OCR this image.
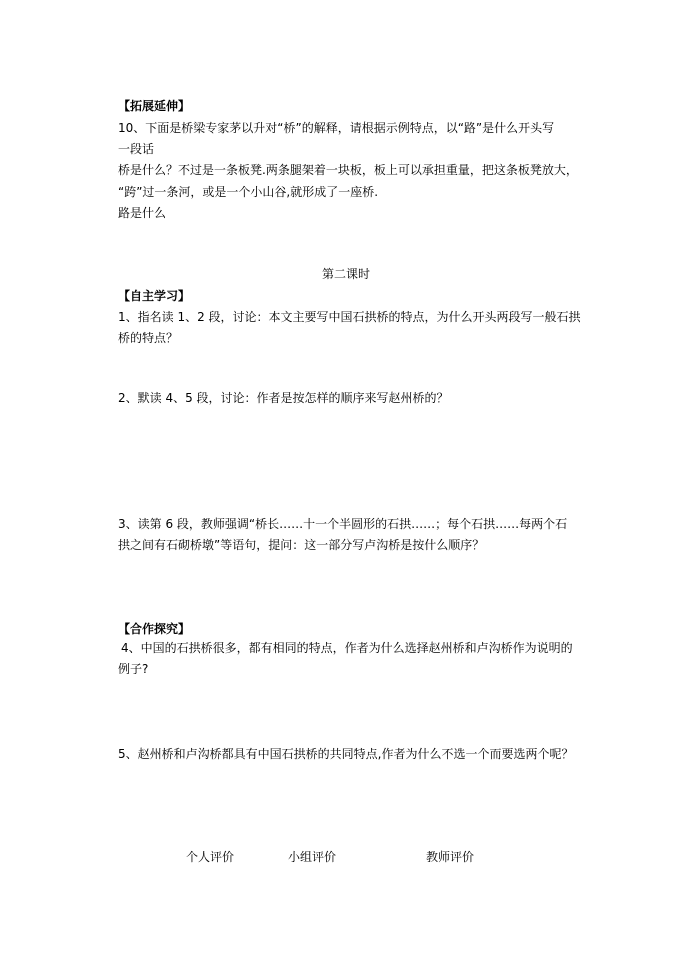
【拓展延伸】
10、下面是桥梁专家茅以升对“桥”的解释，请根据示例特点，以“路”是什么开头写
一段话
桥是什么？不过是一条板凳.两条腿架着一块板，板上可以承担重量，把这条板凳放大，
“跨”过一条河，或是一个小山谷,就形成了一座桥.
路是什么
第二课时
【自主学习】
1、指名读 1、2 段，讨论：本文主要写中国石拱桥的特点，为什么开头两段写一般石拱
桥的特点？
2、默读 4、5 段，讨论：作者是按怎样的顺序来写赵州桥的？
3、读第 6 段，教师强调“桥长……十一个半圆形的石拱……；每个石拱……每两个石
拱之间有石砌桥墩”等语句，提问：这一部分写卢沟桥是按什么顺序？
【合作探究】
4、中国的石拱桥很多，都有相同的特点，作者为什么选择赵州桥和卢沟桥作为说明的
例子?
5、赵州桥和卢沟桥都具有中国石拱桥的共同特点,作者为什么不选一个而要选两个呢？
个人评价	小组评价	教师评价
